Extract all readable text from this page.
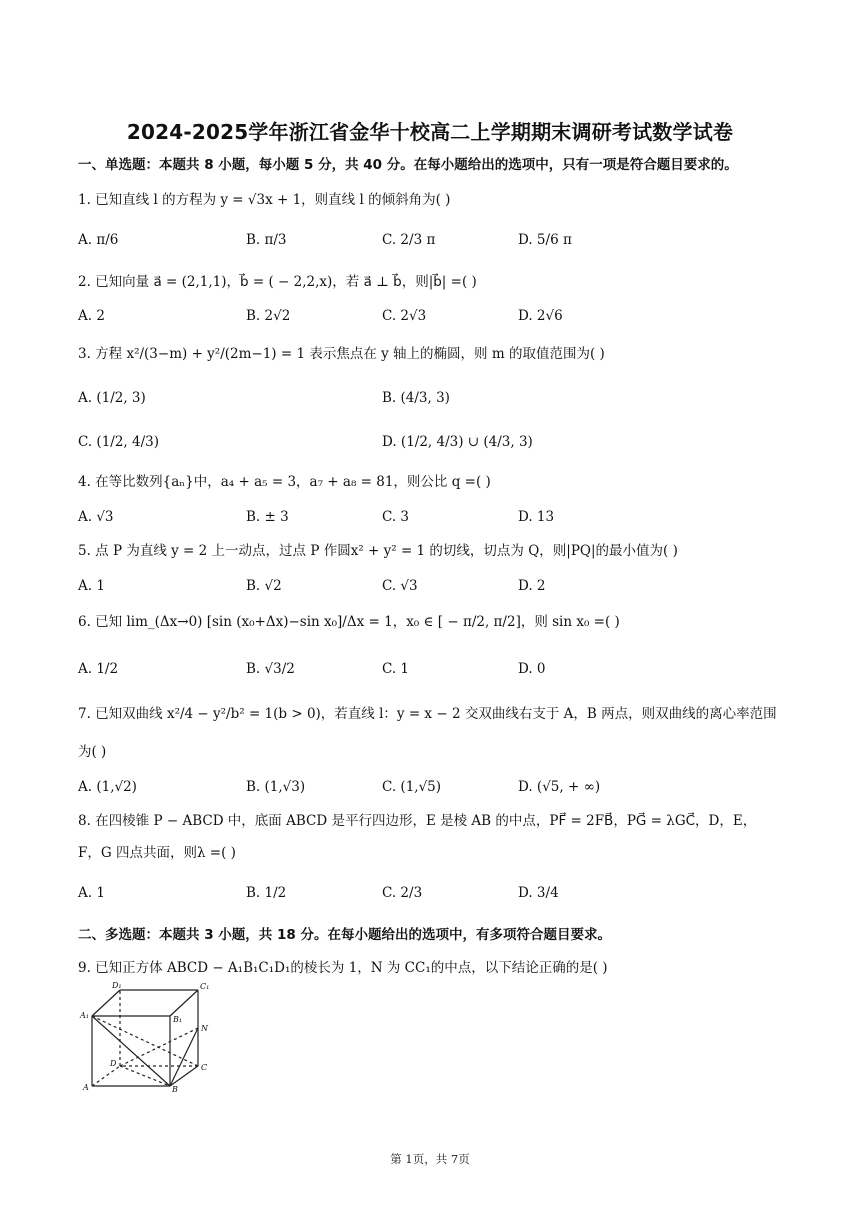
2024-2025学年浙江省金华十校高二上学期期末调研考试数学试卷
一、单选题：本题共 8 小题，每小题 5 分，共 40 分。在每小题给出的选项中，只有一项是符合题目要求的。
1. 已知直线 l 的方程为 y = √3x + 1，则直线 l 的倾斜角为( )
A. π/6	B. π/3	C. 2/3 π	D. 5/6 π
2. 已知向量 a⃗ = (2,1,1)，b⃗ = ( − 2,2,x)，若 a⃗ ⊥ b⃗，则|b⃗| =( )
A. 2	B. 2√2	C. 2√3	D. 2√6
3. 方程 x²/(3−m) + y²/(2m−1) = 1 表示焦点在 y 轴上的椭圆，则 m 的取值范围为( )
A. (1/2, 3)	B. (4/3, 3)
C. (1/2, 4/3)	D. (1/2, 4/3) ∪ (4/3, 3)
4. 在等比数列{aₙ}中，a₄ + a₅ = 3，a₇ + a₈ = 81，则公比 q =( )
A. √3	B. ± 3	C. 3	D. 13
5. 点 P 为直线 y = 2 上一动点，过点 P 作圆x² + y² = 1 的切线，切点为 Q，则|PQ|的最小值为( )
A. 1	B. √2	C. √3	D. 2
6. 已知 lim_(Δx→0) [sin (x₀+Δx)−sin x₀]/Δx = 1，x₀ ∈ [ − π/2, π/2]，则 sin x₀ =( )
A. 1/2	B. √3/2	C. 1	D. 0
7. 已知双曲线 x²/4 − y²/b² = 1(b > 0)，若直线 l：y = x − 2 交双曲线右支于 A，B 两点，则双曲线的离心率范围
为( )
A. (1,√2)	B. (1,√3)	C. (1,√5)	D. (√5, + ∞)
8. 在四棱锥 P − ABCD 中，底面 ABCD 是平行四边形，E 是棱 AB 的中点，PF⃗ = 2FB⃗，PG⃗ = λGC⃗，D，E，
F，G 四点共面，则λ =( )
A. 1	B. 1/2	C. 2/3	D. 3/4
二、多选题：本题共 3 小题，共 18 分。在每小题给出的选项中，有多项符合题目要求。
9. 已知正方体 ABCD − A₁B₁C₁D₁的棱长为 1，N 为 CC₁的中点，以下结论正确的是( )
D₁	C₁
A₁	B₁
N
D	C
A	B
第 1页，共 7页
